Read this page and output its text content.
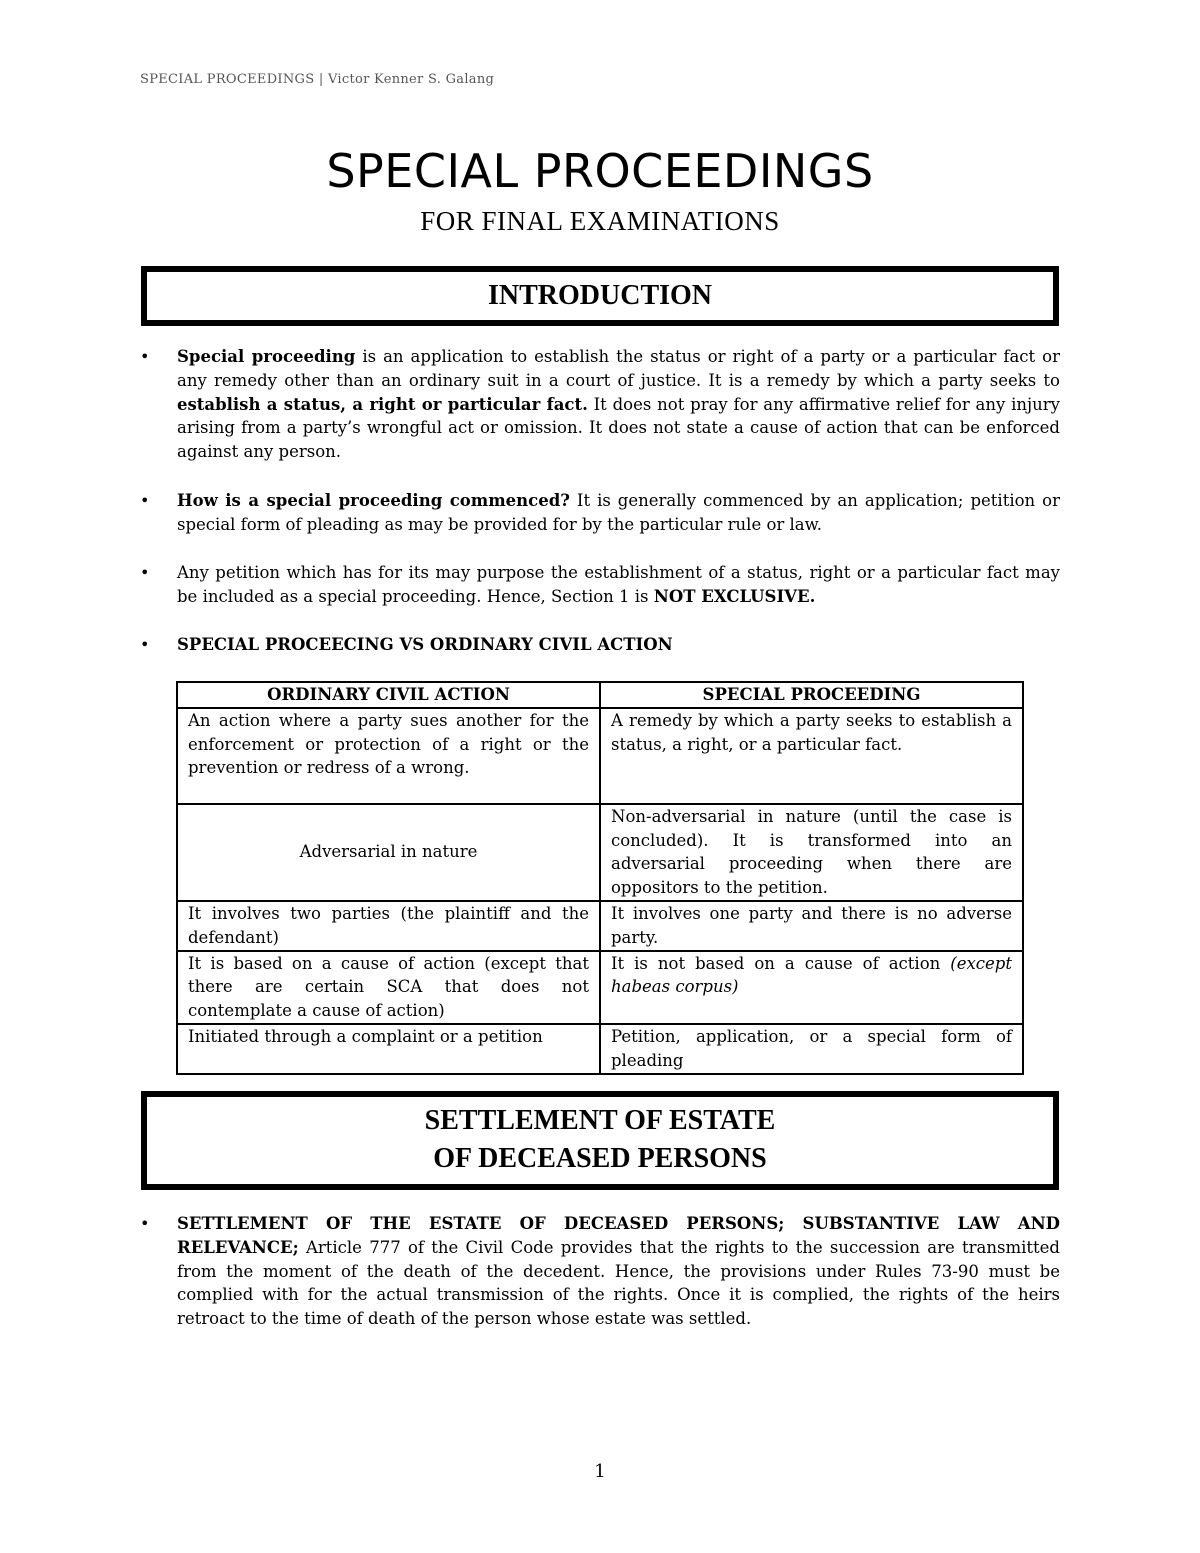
SPECIAL PROCEEDINGS | Victor Kenner S. Galang
SPECIAL PROCEEDINGS
FOR FINAL EXAMINATIONS
INTRODUCTION
• Special proceeding is an application to establish the status or right of a party or a particular fact or any remedy other than an ordinary suit in a court of justice. It is a remedy by which a party seeks to establish a status, a right or particular fact. It does not pray for any affirmative relief for any injury arising from a party’s wrongful act or omission. It does not state a cause of action that can be enforced against any person.
• How is a special proceeding commenced? It is generally commenced by an application; petition or special form of pleading as may be provided for by the particular rule or law.
• Any petition which has for its may purpose the establishment of a status, right or a particular fact may be included as a special proceeding. Hence, Section 1 is NOT EXCLUSIVE.
• SPECIAL PROCEECING VS ORDINARY CIVIL ACTION
ORDINARY CIVIL ACTION	SPECIAL PROCEEDING
An action where a party sues another for the enforcement or protection of a right or the prevention or redress of a wrong.	A remedy by which a party seeks to establish a status, a right, or a particular fact.
Adversarial in nature	Non-adversarial in nature (until the case is concluded). It is transformed into an adversarial proceeding when there are oppositors to the petition.
It involves two parties (the plaintiff and the defendant)	It involves one party and there is no adverse party.
It is based on a cause of action (except that there are certain SCA that does not contemplate a cause of action)	It is not based on a cause of action (except habeas corpus)
Initiated through a complaint or a petition	Petition, application, or a special form of pleading
SETTLEMENT OF ESTATE
OF DECEASED PERSONS
• SETTLEMENT OF THE ESTATE OF DECEASED PERSONS; SUBSTANTIVE LAW AND RELEVANCE; Article 777 of the Civil Code provides that the rights to the succession are transmitted from the moment of the death of the decedent. Hence, the provisions under Rules 73-90 must be complied with for the actual transmission of the rights. Once it is complied, the rights of the heirs retroact to the time of death of the person whose estate was settled.
1
